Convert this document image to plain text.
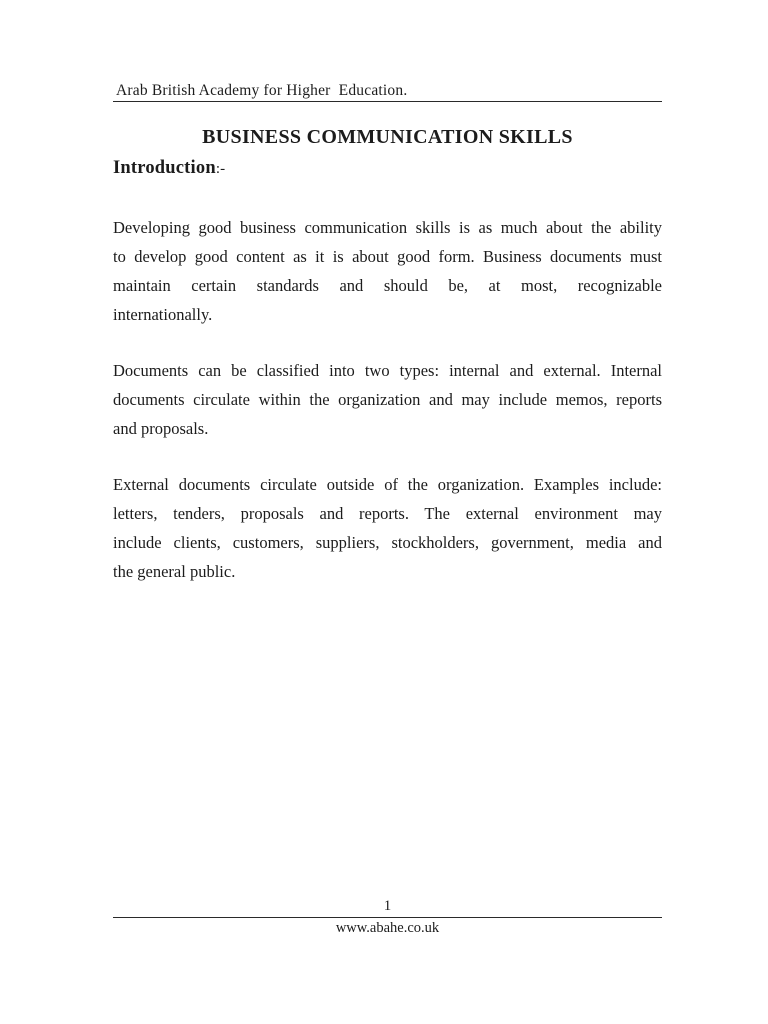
Arab British Academy for Higher  Education.
BUSINESS COMMUNICATION SKILLS
Introduction:-
Developing good business communication skills is as much about the ability
to develop good content as it is about good form. Business documents must
maintain certain standards and should be, at most, recognizable
internationally.
Documents can be classified into two types: internal and external. Internal
documents circulate within the organization and may include memos, reports
and proposals.
External documents circulate outside of the organization. Examples include:
letters, tenders, proposals and reports. The external environment may
include clients, customers, suppliers, stockholders, government, media and
the general public.
1
www.abahe.co.uk
